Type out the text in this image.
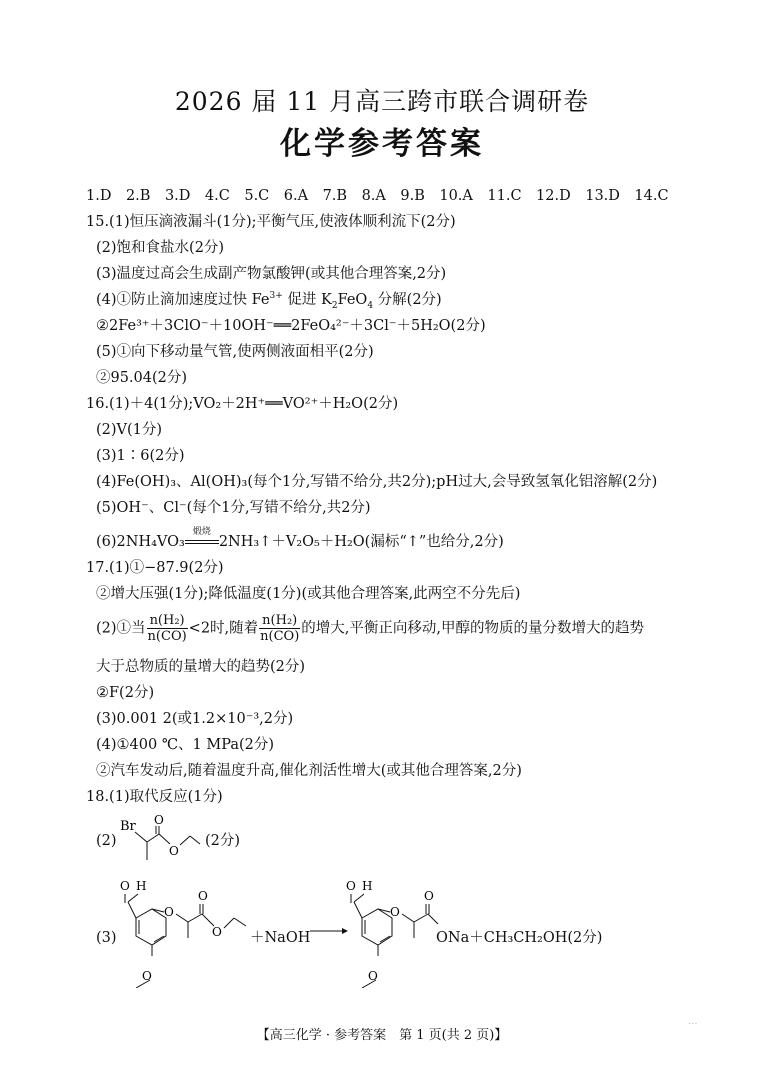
2026 届 11 月高三跨市联合调研卷
化学参考答案
1.D　2.B　3.D　4.C　5.C　6.A　7.B　8.A　9.B　10.A　11.C　12.D　13.D　14.C
15.(1)恒压滴液漏斗(1分);平衡气压,使液体顺利流下(2分)
(2)饱和食盐水(2分)
(3)温度过高会生成副产物氯酸钾(或其他合理答案,2分)
(4)①防止滴加速度过快 $Fe^{3+}$ 促进 $K_2FeO_4$ 分解(2分)
②2Fe³⁺＋3ClO⁻＋10OH⁻══2FeO₄²⁻＋3Cl⁻＋5H₂O(2分)
(5)①向下移动量气管,使两侧液面相平(2分)
②95.04(2分)
16.(1)＋4(1分);VO₂＋2H⁺══VO²⁺＋H₂O(2分)
(2)V(1分)
(3)1∶6(2分)
(4)Fe(OH)₃、Al(OH)₃(每个1分,写错不给分,共2分);pH过大,会导致氢氧化铝溶解(2分)
(5)OH⁻、Cl⁻(每个1分,写错不给分,共2分)
(6)2NH₄VO₃
煅烧
2NH₃↑＋V₂O₅＋H₂O(漏标“↑”也给分,2分)
17.(1)①−87.9(2分)
②增大压强(1分);降低温度(1分)(或其他合理答案,此两空不分先后)
(2)①当 $\frac{\text{n(H₂)}}{n(CO)} <2$时,随着 $\frac{\text{n(H₂)}}{n(CO)}$ 的增大,平衡正向移动,甲醇的物质的量分数增大的趋势
大于总物质的量增大的趋势(2分)
②F(2分)
(3)0.001 2(或1.2×10⁻³,2分)
(4)①400 ℃、1 MPa(2分)
②汽车发动后,随着温度升高,催化剂活性增大(或其他合理答案,2分)
18.(1)取代反应(1分)
(2)
Br O
O
(2分)
(3)
O H
O
O
O
O
＋NaOH
O H
O
O
O
ONa＋CH₃CH₂OH(2分)
【高三化学 · 参考答案　第 1 页(共 2 页)】
...
